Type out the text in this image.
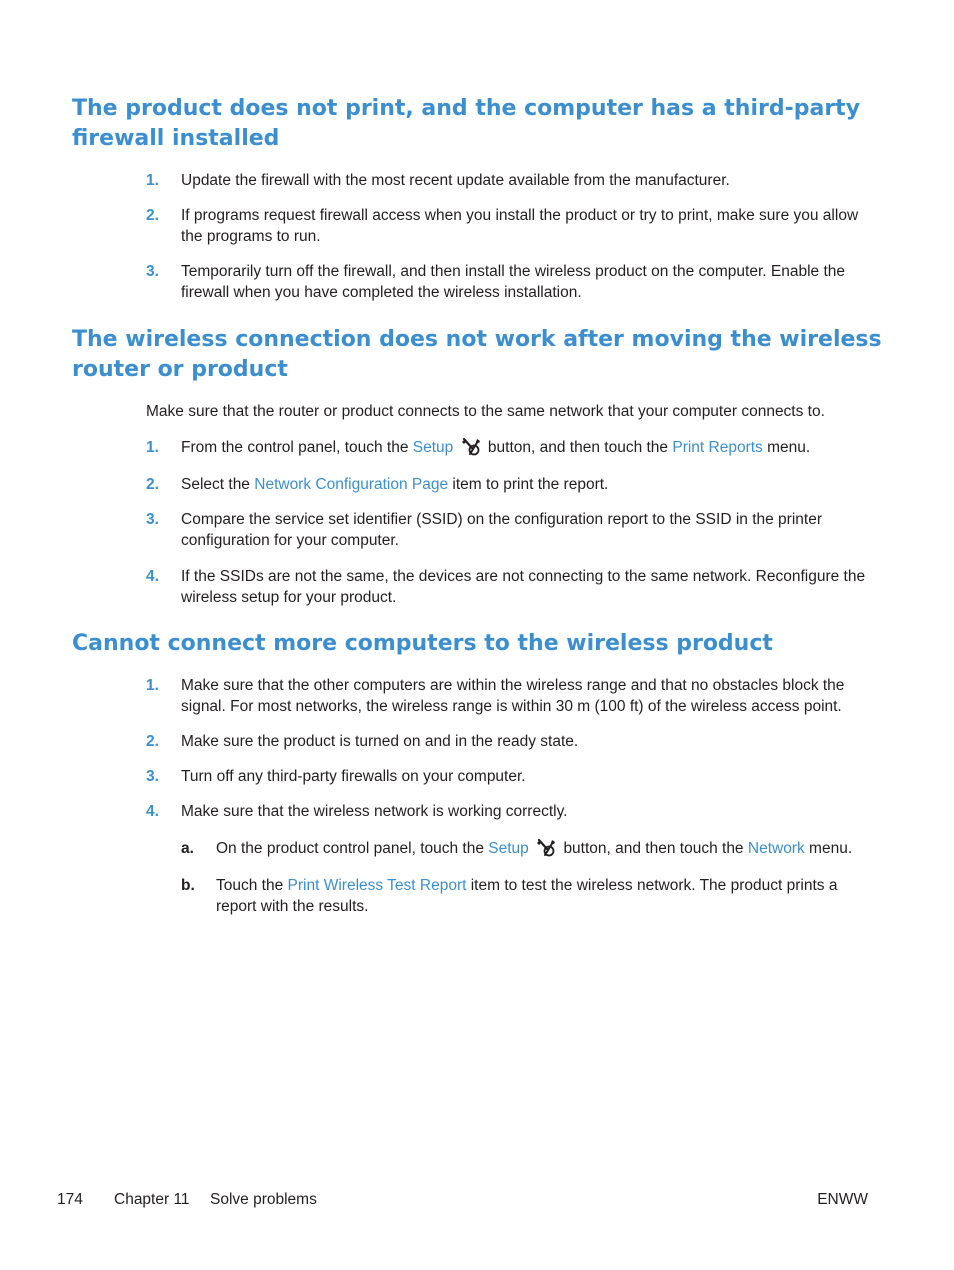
The product does not print, and the computer has a third-party
firewall installed
1. Update the firewall with the most recent update available from the manufacturer.
2. If programs request firewall access when you install the product or try to print, make sure you allow the programs to run.
3. Temporarily turn off the firewall, and then install the wireless product on the computer. Enable the firewall when you have completed the wireless installation.
The wireless connection does not work after moving the wireless
router or product

Make sure that the router or product connects to the same network that your computer connects to.

1. From the control panel, touch the Setup button, and then touch the Print Reports menu.
2. Select the Network Configuration Page item to print the report.
3. Compare the service set identifier (SSID) on the configuration report to the SSID in the printer configuration for your computer.
4. If the SSIDs are not the same, the devices are not connecting to the same network. Reconfigure the wireless setup for your product.
Cannot connect more computers to the wireless product
1. Make sure that the other computers are within the wireless range and that no obstacles block the signal. For most networks, the wireless range is within 30 m (100 ft) of the wireless access point.
2. Make sure the product is turned on and in the ready state.
3. Turn off any third-party firewalls on your computer.
4. Make sure that the wireless network is working correctly.
a. On the product control panel, touch the Setup button, and then touch the Network menu.
b. Touch the Print Wireless Test Report item to test the wireless network. The product prints a report with the results.
174 Chapter 11 Solve problems	ENWW
